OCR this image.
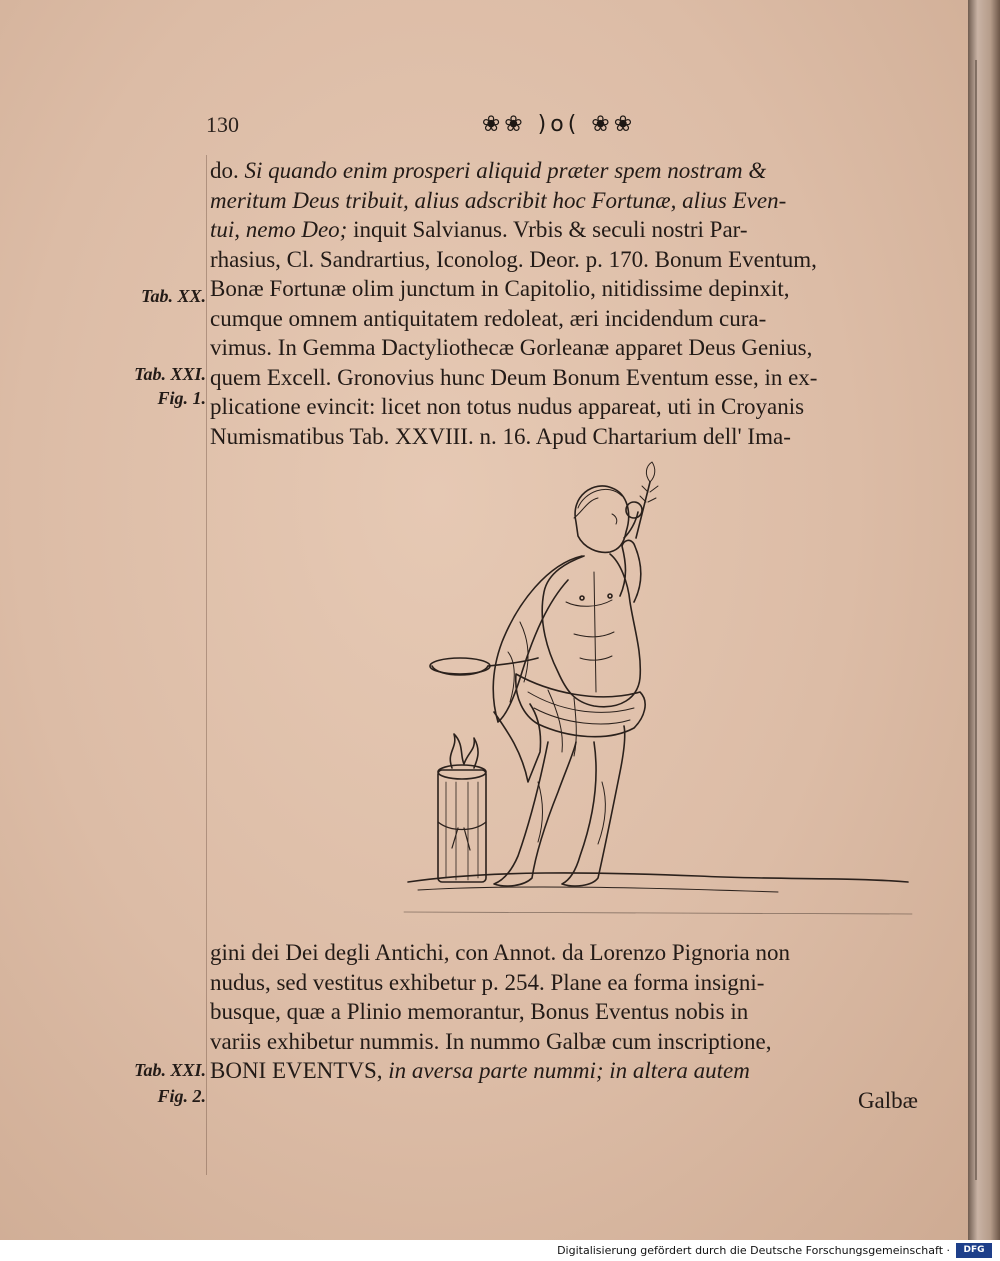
130	❀❀ )o( ❀❀
do. Si quando enim prosperi aliquid præter spem nostram &
meritum Deus tribuit, alius adscribit hoc Fortunæ, alius Even-
tui, nemo Deo; inquit Salvianus. Vrbis & seculi nostri Par-
rhasius, Cl. Sandrartius, Iconolog. Deor. p. 170. Bonum Eventum,
Bonæ Fortunæ olim junctum in Capitolio, nitidissime depinxit,
cumque omnem antiquitatem redoleat, æri incidendum cura-
vimus. In Gemma Dactyliothecæ Gorleanæ apparet Deus Genius,
quem Excell. Gronovius hunc Deum Bonum Eventum esse, in ex-
plicatione evincit: licet non totus nudus appareat, uti in Croyanis
Numismatibus Tab. XXVIII. n. 16. Apud Chartarium dell' Ima-
Tab. XX.
Tab. XXI.
Fig. 1.
Tab. XXI.
Fig. 2.
gini dei Dei degli Antichi, con Annot. da Lorenzo Pignoria non
nudus, sed vestitus exhibetur p. 254. Plane ea forma insigni-
busque, quæ a Plinio memorantur, Bonus Eventus nobis in
variis exhibetur nummis. In nummo Galbæ cum inscriptione,
BONI EVENTVS, in aversa parte nummi; in altera autem
Galbæ
Digitalisierung gefördert durch die Deutsche Forschungsgemeinschaft ·	DFG
